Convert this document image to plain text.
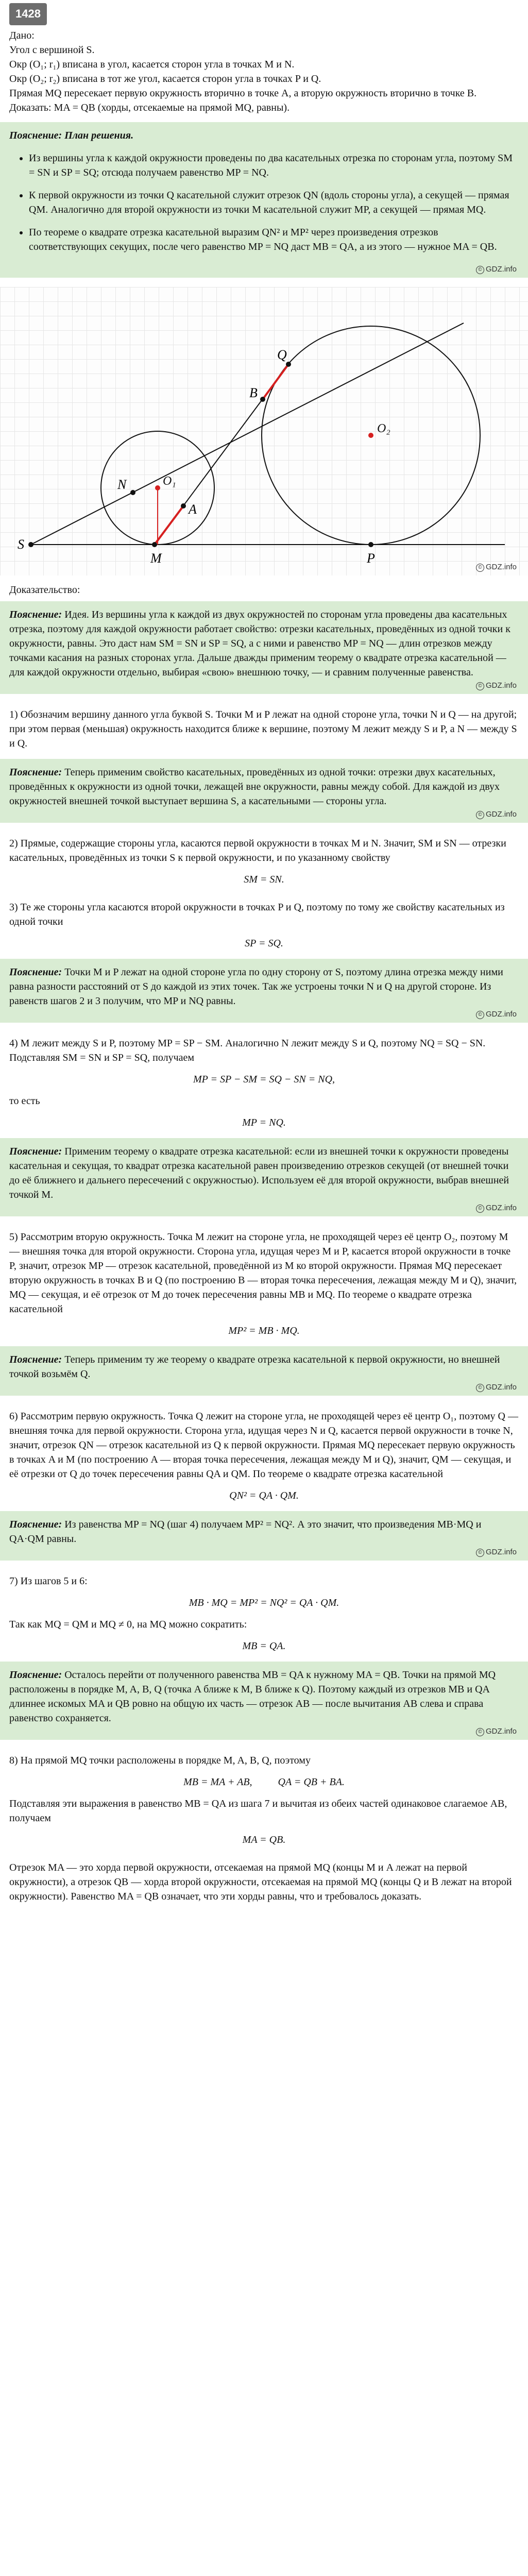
1428

Дано:

Угол с вершиной S.

Окр (O₁; r₁) вписана в угол, касается сторон угла в точках M и N.

Окр (O₂; r₂) вписана в тот же угол, касается сторон угла в точках P и Q.

Прямая MQ пересекает первую окружность вторично в точке A, а вторую окружность вторично в точке B.

Доказать: MA = QB (хорды, отсекаемые на прямой MQ, равны).

Пояснение: План решения.
• Из вершины угла к каждой окружности проведены по два касательных отрезка по сторонам угла, поэтому SM = SN и SP = SQ; отсюда получаем равенство MP = NQ.
• К первой окружности из точки Q касательной служит отрезок QN (вдоль стороны угла), а секущей — прямая QM. Аналогично для второй окружности из точки M касательной служит MP, а секущей — прямая MQ.
• По теореме о квадрате отрезка касательной выразим QN² и MP² через произведения отрезков соответствующих секущих, после чего равенство MP = NQ даст MB = QA, а из этого — нужное MA = QB.
© GDZ.info
S
M	P
N
Q
A
B
O₁
O₂
© GDZ.info
Доказательство:

Пояснение: Идея. Из вершины угла к каждой из двух окружностей по сторонам угла проведены два касательных отрезка, поэтому для каждой окружности работает свойство: отрезки касательных, проведённых из одной точки к окружности, равны. Это даст нам SM = SN и SP = SQ, а с ними и равенство MP = NQ — длин отрезков между точками касания на разных сторонах угла. Дальше дважды применим теорему о квадрате отрезка касательной — для каждой окружности отдельно, выбирая «свою» внешнюю точку, — и сравним полученные равенства.

© GDZ.info

1) Обозначим вершину данного угла буквой S. Точки M и P лежат на одной стороне угла, точки N и Q — на другой; при этом первая (меньшая) окружность находится ближе к вершине, поэтому M лежит между S и P, а N — между S и Q.

Пояснение: Теперь применим свойство касательных, проведённых из одной точки: отрезки двух касательных, проведённых к окружности из одной точки, лежащей вне окружности, равны между собой. Для каждой из двух окружностей внешней точкой выступает вершина S, а касательными — стороны угла.

© GDZ.info

2) Прямые, содержащие стороны угла, касаются первой окружности в точках M и N. Значит, SM и SN — отрезки касательных, проведённых из точки S к первой окружности, и по указанному свойству

SM = SN.

3) Те же стороны угла касаются второй окружности в точках P и Q, поэтому по тому же свойству касательных из одной точки

SP = SQ.

Пояснение: Точки M и P лежат на одной стороне угла по одну сторону от S, поэтому длина отрезка между ними равна разности расстояний от S до каждой из этих точек. Так же устроены точки N и Q на другой стороне. Из равенств шагов 2 и 3 получим, что MP и NQ равны.

© GDZ.info

4) M лежит между S и P, поэтому MP = SP − SM. Аналогично N лежит между S и Q, поэтому NQ = SQ − SN. Подставляя SM = SN и SP = SQ, получаем

MP = SP − SM = SQ − SN = NQ,

то есть

MP = NQ.

Пояснение: Применим теорему о квадрате отрезка касательной: если из внешней точки к окружности проведены касательная и секущая, то квадрат отрезка касательной равен произведению отрезков секущей (от внешней точки до её ближнего и дальнего пересечений с окружностью). Используем её для второй окружности, выбрав внешней точкой M.

© GDZ.info

5) Рассмотрим вторую окружность. Точка M лежит на стороне угла, не проходящей через её центр O₂, поэтому M — внешняя точка для второй окружности. Сторона угла, идущая через M и P, касается второй окружности в точке P, значит, отрезок MP — отрезок касательной, проведённой из M ко второй окружности. Прямая MQ пересекает вторую окружность в точках B и Q (по построению B — вторая точка пересечения, лежащая между M и Q), значит, MQ — секущая, и её отрезок от M до точек пересечения равны MB и MQ. По теореме о квадрате отрезка касательной

MP² = MB · MQ.

Пояснение: Теперь применим ту же теорему о квадрате отрезка касательной к первой окружности, но внешней точкой возьмём Q.

© GDZ.info

6) Рассмотрим первую окружность. Точка Q лежит на стороне угла, не проходящей через её центр O₁, поэтому Q — внешняя точка для первой окружности. Сторона угла, идущая через N и Q, касается первой окружности в точке N, значит, отрезок QN — отрезок касательной из Q к первой окружности. Прямая MQ пересекает первую окружность в точках A и M (по построению A — вторая точка пересечения, лежащая между M и Q), значит, QM — секущая, и её отрезки от Q до точек пересечения равны QA и QM. По теореме о квадрате отрезка касательной

QN² = QA · QM.

Пояснение: Из равенства MP = NQ (шаг 4) получаем MP² = NQ². А это значит, что произведения MB·MQ и QA·QM равны.

© GDZ.info

7) Из шагов 5 и 6:

MB · MQ = MP² = NQ² = QA · QM.

Так как MQ = QM и MQ ≠ 0, на MQ можно сократить:

MB = QA.

Пояснение: Осталось перейти от полученного равенства MB = QA к нужному MA = QB. Точки на прямой MQ расположены в порядке M, A, B, Q (точка A ближе к M, B ближе к Q). Поэтому каждый из отрезков MB и QA длиннее искомых MA и QB ровно на общую их часть — отрезок AB — после вычитания AB слева и справа равенство сохраняется.

© GDZ.info

8) На прямой MQ точки расположены в порядке M, A, B, Q, поэтому

MB = MA + AB,          QA = QB + BA.

Подставляя эти выражения в равенство MB = QA из шага 7 и вычитая из обеих частей одинаковое слагаемое AB, получаем

MA = QB.

Отрезок MA — это хорда первой окружности, отсекаемая на прямой MQ (концы M и A лежат на первой окружности), а отрезок QB — хорда второй окружности, отсекаемая на прямой MQ (концы Q и B лежат на второй окружности). Равенство MA = QB означает, что эти хорды равны, что и требовалось доказать.
